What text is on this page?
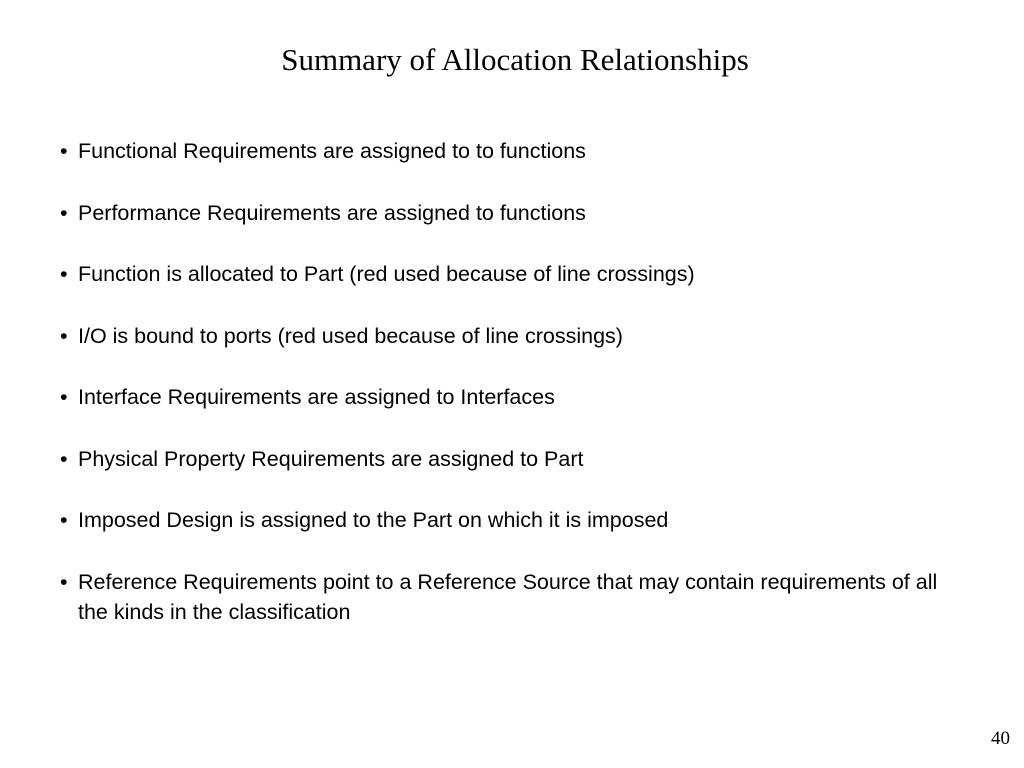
Summary of Allocation Relationships
• Functional Requirements are assigned to to functions
• Performance Requirements are assigned to functions
• Function is allocated to Part (red used because of line crossings)
• I/O is bound to ports (red used because of line crossings)
• Interface Requirements are assigned to Interfaces
• Physical Property Requirements are assigned to Part
• Imposed Design is assigned to the Part on which it is imposed
• Reference Requirements point to a Reference Source that may contain requirements of all the kinds in the classification
40
